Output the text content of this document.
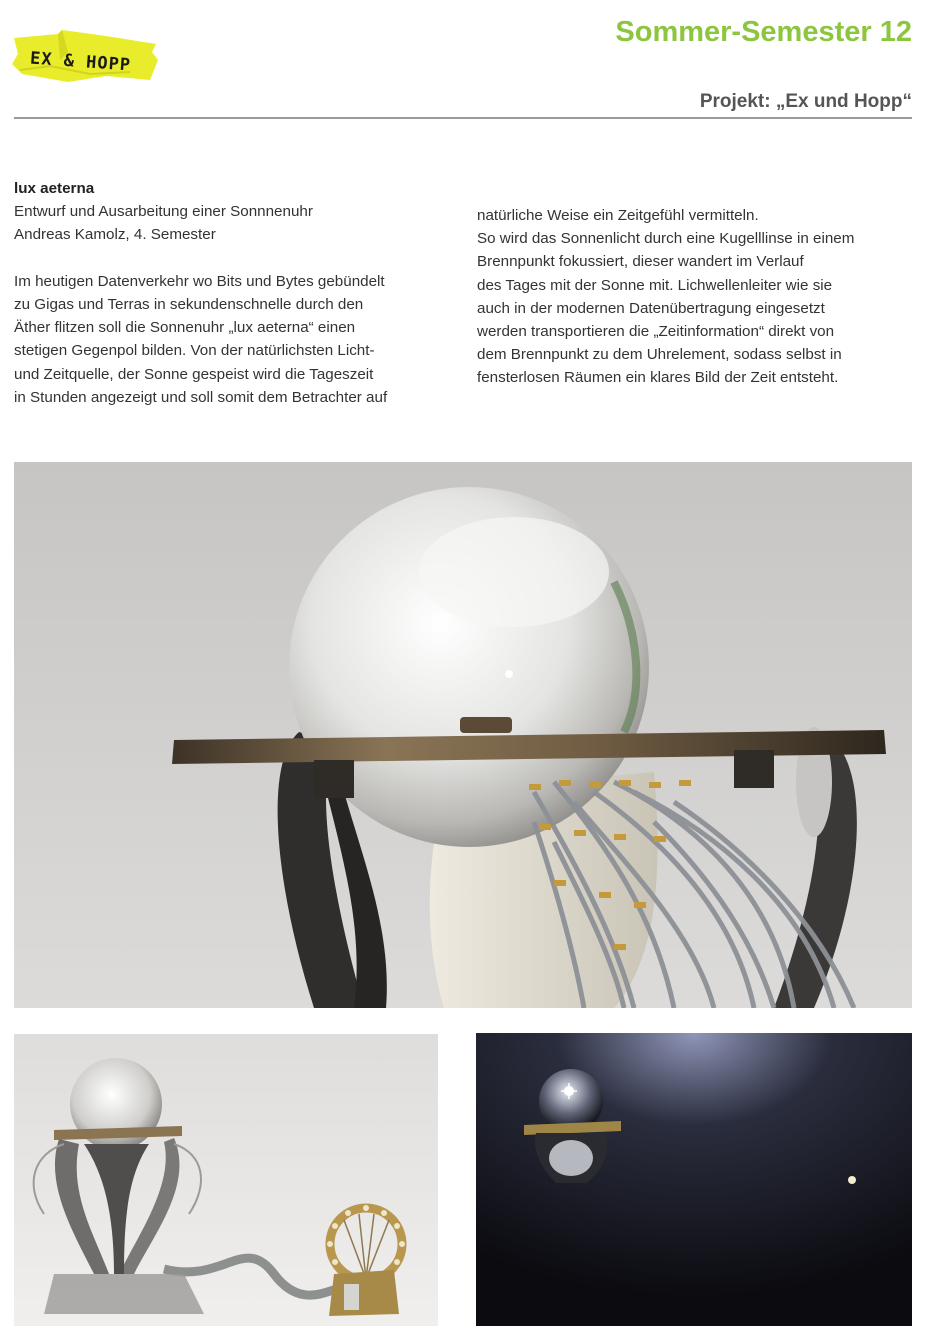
EX & HOPP
Sommer-Semester 12
Projekt: „Ex und Hopp“
lux aeterna
Entwurf und Ausarbeitung einer Sonnnenuhr
Andreas Kamolz, 4. Semester
Im heutigen Datenverkehr wo Bits und Bytes gebündelt
zu Gigas und Terras in sekundenschnelle durch den
Äther flitzen soll die Sonnenuhr „lux aeterna“ einen
stetigen Gegenpol bilden. Von der natürlichsten Licht-
und Zeitquelle, der Sonne gespeist wird die Tageszeit
in Stunden angezeigt und soll somit dem Betrachter auf
natürliche Weise ein Zeitgefühl vermitteln.
So wird das Sonnenlicht durch eine Kugelllinse in einem
Brennpunkt fokussiert, dieser wandert im Verlauf
des Tages mit der Sonne mit. Lichwellenleiter wie sie
auch in der modernen Datenübertragung eingesetzt
werden transportieren die „Zeitinformation“ direkt von
dem Brennpunkt zu dem Uhrelement, sodass selbst in
fensterlosen Räumen ein klares Bild der Zeit entsteht.
